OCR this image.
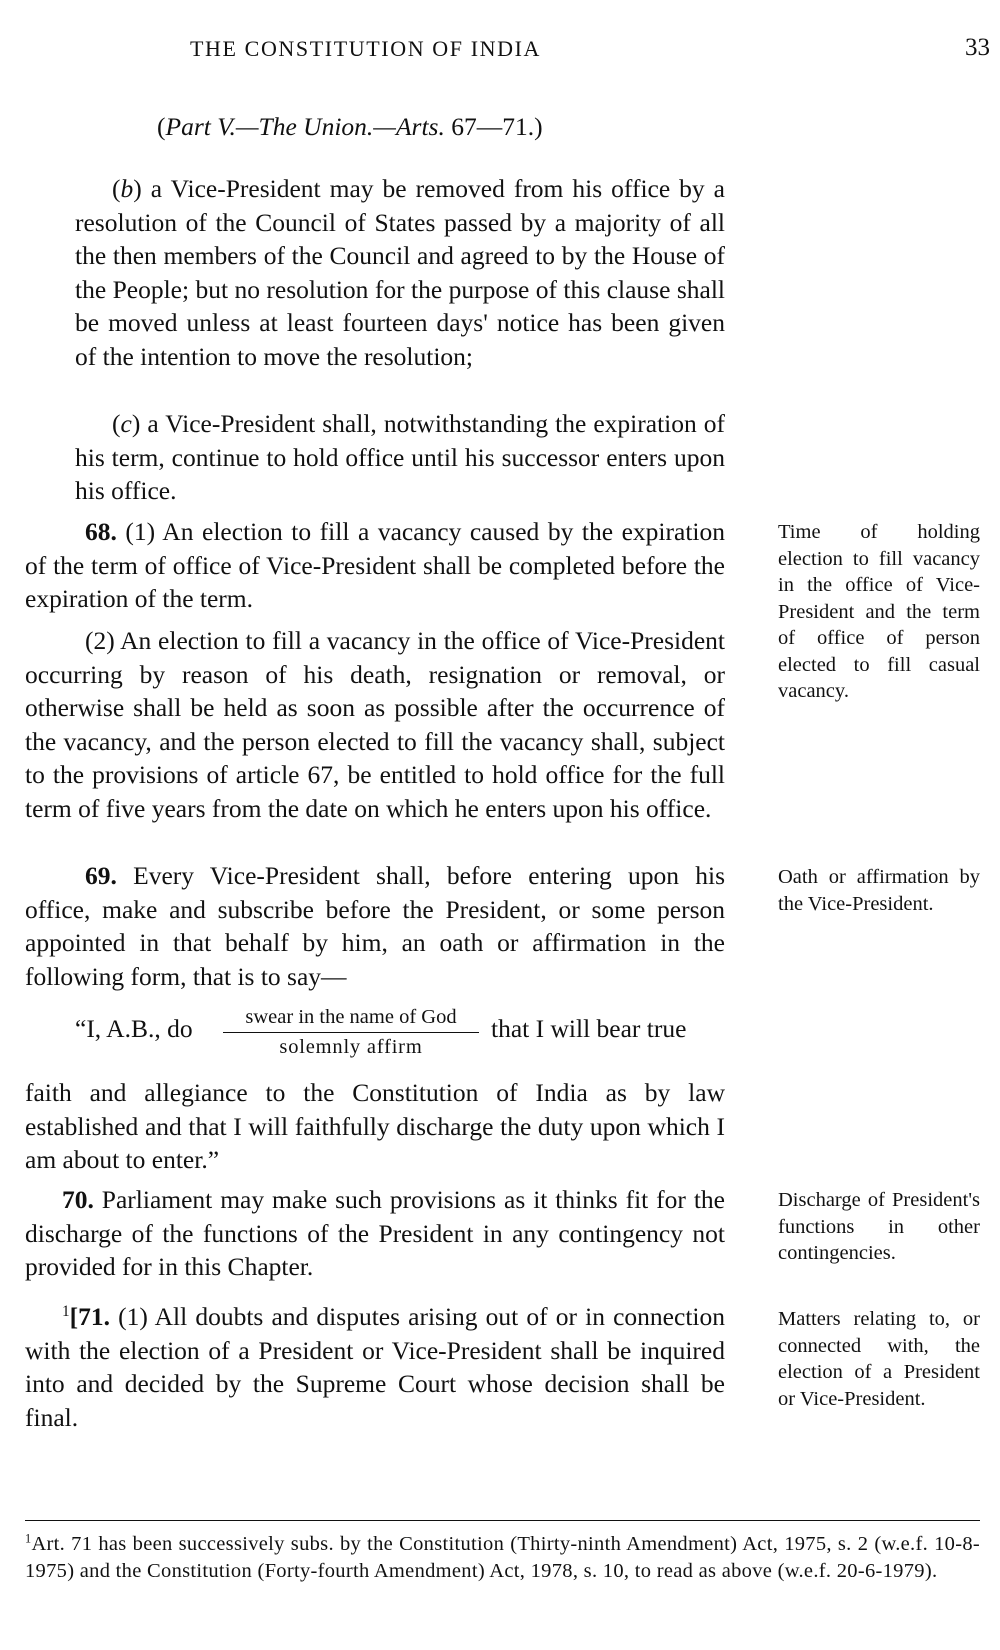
THE CONSTITUTION OF INDIA	33
(Part V.—The Union.—Arts. 67—71.)
(b) a Vice-President may be removed from his office by a resolution of the Council of States passed by a majority of all the then members of the Council and agreed to by the House of the People; but no resolution for the purpose of this clause shall be moved unless at least fourteen days' notice has been given of the intention to move the resolution;
(c) a Vice-President shall, notwithstanding the expiration of his term, continue to hold office until his successor enters upon his office.
68. (1) An election to fill a vacancy caused by the expiration of the term of office of Vice-President shall be completed before the expiration of the term.
(2) An election to fill a vacancy in the office of Vice-President occurring by reason of his death, resignation or removal, or otherwise shall be held as soon as possible after the occurrence of the vacancy, and the person elected to fill the vacancy shall, subject to the provisions of article 67, be entitled to hold office for the full term of five years from the date on which he enters upon his office.
Time of holding election to fill vacancy in the office of Vice-President and the term of office of person elected to fill casual vacancy.
69. Every Vice-President shall, before entering upon his office, make and subscribe before the President, or some person appointed in that behalf by him, an oath or affirmation in the following form, that is to say—
Oath or affirmation by the Vice-President.
“I, A.B., do	swear in the name of God
solemnly affirm
that I will bear true
faith and allegiance to the Constitution of India as by law established and that I will faithfully discharge the duty upon which I am about to enter.”
70. Parliament may make such provisions as it thinks fit for the discharge of the functions of the President in any contingency not provided for in this Chapter.
Discharge of President's functions in other contingencies.
$^1$[71. (1) All doubts and disputes arising out of or in connection with the election of a President or Vice-President shall be inquired into and decided by the Supreme Court whose decision shall be final.
Matters relating to, or connected with, the election of a President or Vice-President.
$^1$Art. 71 has been successively subs. by the Constitution (Thirty-ninth Amendment) Act, 1975, s. 2 (w.e.f. 10-8-1975) and the Constitution (Forty-fourth Amendment) Act, 1978, s. 10, to read as above (w.e.f. 20-6-1979).
